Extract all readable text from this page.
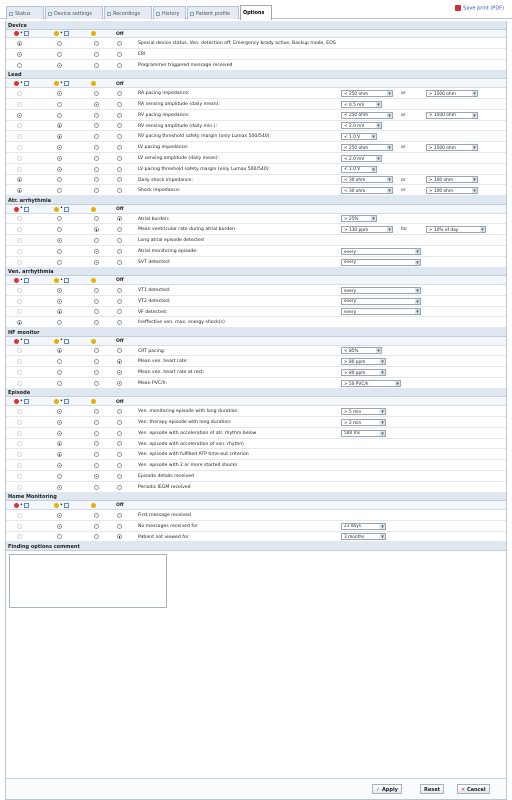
Status	Device settings	Recordings	History	Patient profile	Options
Save print (PDF)
Device
•	•	Off
Special device status, Ven. detection off, Emergency brady active, Backup mode, EOS
ERI
Programmer triggered message received
Lead
•	•	Off
RA pacing impedance:	< 250 ohm ▾	or	> 1500 ohm ▾
RA sensing amplitude (daily mean):	< 0.5 mV ▾
RV pacing impedance:	< 250 ohm ▾	or	> 1500 ohm ▾
RV sensing amplitude (daily min.):	< 2.0 mV ▾
RV pacing threshold safety margin (only Lumax 500/540):	< 1.0 V ▾
LV pacing impedance:	< 250 ohm ▾	or	> 1500 ohm ▾
LV sensing amplitude (daily mean):	< 2.0 mV ▾
LV pacing threshold safety margin (only Lumax 500/540):	< 1.0 V ▾
Daily shock impedance:	< 30 ohm ▾	or	> 100 ohm ▾
Shock impedance:	< 30 ohm ▾	or	> 100 ohm ▾
Atr. arrhythmia
•	•	Off
Atrial burden:	> 25% ▾
Mean ventricular rate during atrial burden	> 130 ppm ▾	for	> 10% of day ▾
Long atrial episode detected
Atrial monitoring episode:	every ▾
SVT detected:	every ▾
Ven. arrhythmia
•	•	Off
VT1 detected:	every ▾
VT2 detected:	every ▾
VF detected:	every ▾
Ineffective ven. max. energy shock(s)
HF monitor
•	•	Off
CRT pacing:	< 85% ▾
Mean ven. heart rate:	> 80 ppm ▾
Mean ven. heart rate at rest:	> 80 ppm ▾
Mean PVC/h:	> 50 PVC/h ▾
Episode
•	•	Off
Ven. monitoring episode with long duration:	> 5 min ▾
Ven. therapy episode with long duration:	> 2 min ▾
Ven. episode with acceleration of atr. rhythm below	500 ms ▾
Ven. episode with acceleration of ven. rhythm
Ven. episode with fulfilled ATP time-out criterion
Ven. episode with 2 or more started shocks
Episode details received
Periodic IEGM received
Home Monitoring
•	•	Off
First message received
No messages received for	21 days ▾
Patient not viewed for	3 months ▾
Finding options comment
✓ Apply	Reset	✕ Cancel
